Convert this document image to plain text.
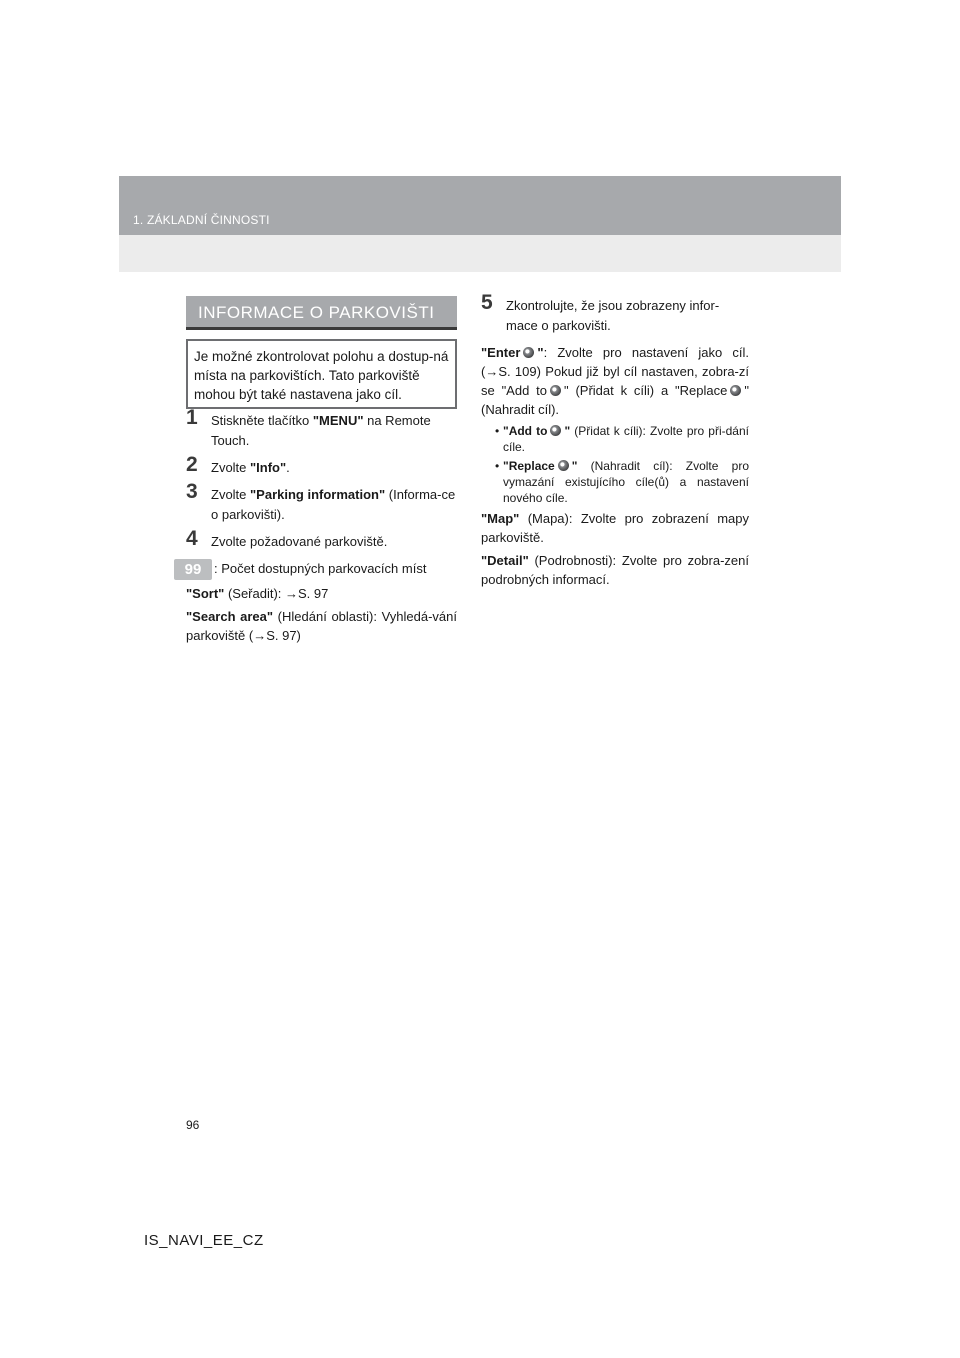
1. ZÁKLADNÍ ČINNOSTI
INFORMACE O PARKOVIŠTI
Je možné zkontrolovat polohu a dostup-ná místa na parkovištích. Tato parkoviště mohou být také nastavena jako cíl.
1 Stiskněte tlačítko "MENU" na Remote Touch.
2 Zvolte "Info".
3 Zvolte "Parking information" (Informa-ce o parkovišti).
4 Zvolte požadované parkoviště.
99 : Počet dostupných parkovacích míst
"Sort" (Seřadit): →S. 97
"Search area" (Hledání oblasti): Vyhledá-vání parkoviště (→S. 97)
5 Zkontrolujte, že jsou zobrazeny infor-mace o parkovišti.
"Enter ": Zvolte pro nastavení jako cíl. (→S. 109) Pokud již byl cíl nastaven, zobra-zí se "Add to " (Přidat k cíli) a "Replace " (Nahradit cíl).
• "Add to " (Přidat k cíli): Zvolte pro při-dání cíle.
• "Replace " (Nahradit cíl): Zvolte pro vymazání existujícího cíle(ů) a nastavení nového cíle.
"Map" (Mapa): Zvolte pro zobrazení mapy parkoviště.
"Detail" (Podrobnosti): Zvolte pro zobra-zení podrobných informací.
96
IS_NAVI_EE_CZ
